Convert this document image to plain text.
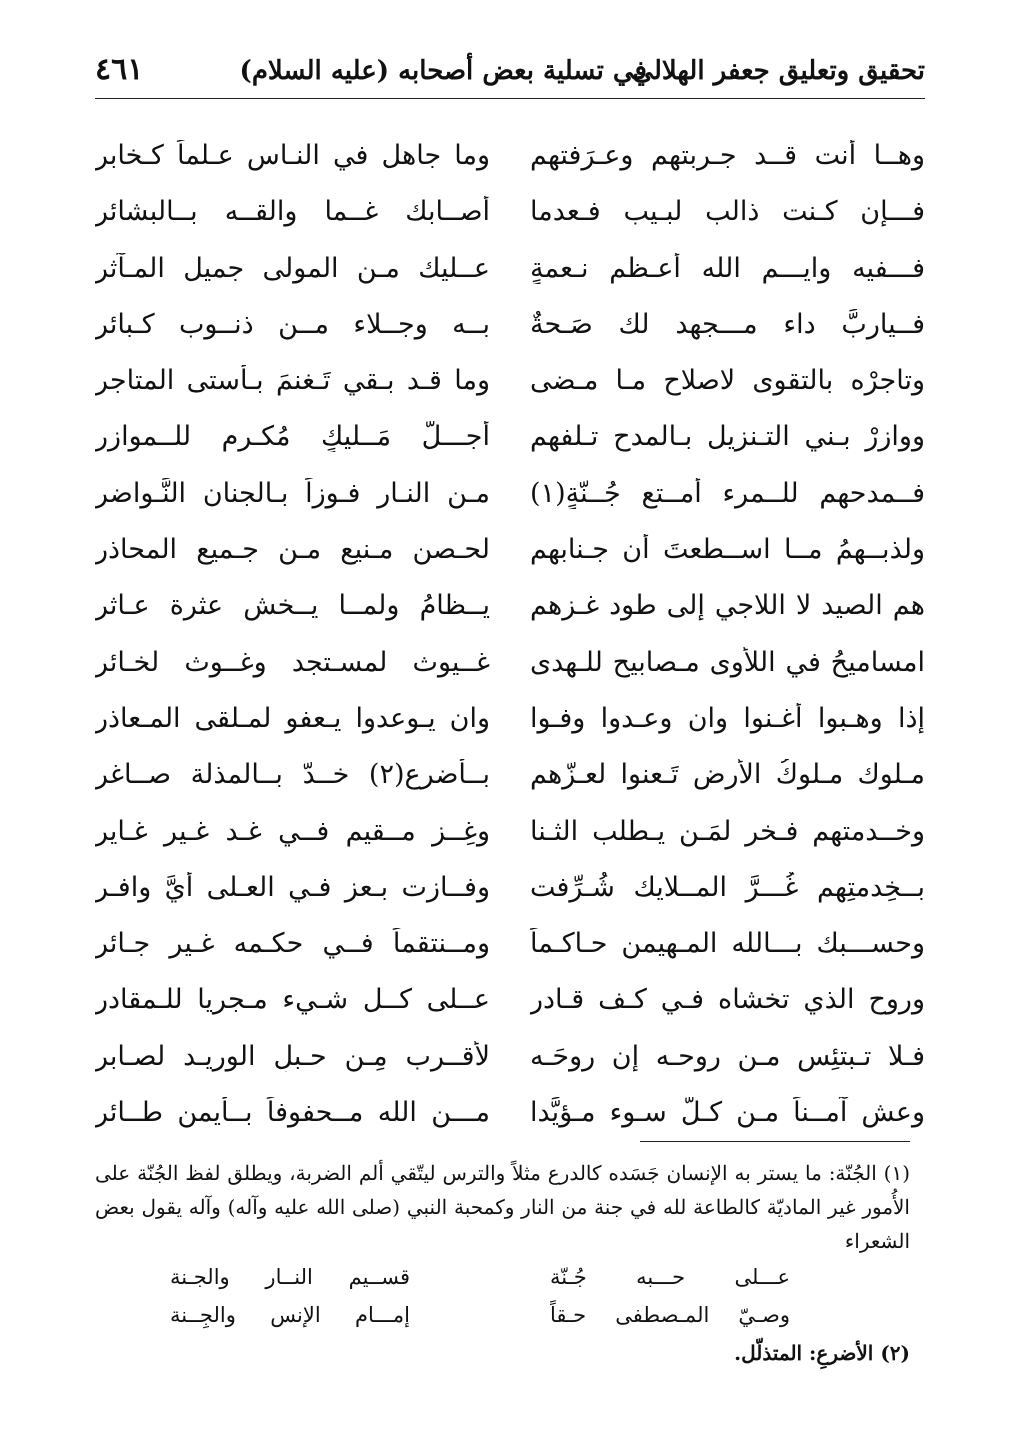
تحقيق وتعليق جعفر الهلالي
في تسلية بعض أصحابه (عليه السلام)
٤٦١
وهــا أنت قــد جـربتهم وعـرَفتهم
وما جاهل في النـاس عـلماً كـخابرِ
فـــإن كـنت ذالب لبـيب فـعدما
أصــابك غــما والقــه بــالبشائرِ
فـــفيه وايـــم الله أعـظم نـعمةٍ
عــليك مـن المولى جميل المـآثرِ
فــياربَّ داء مـــجهد لك صَـحةٌ
بــه وجــلاء مــن ذنــوب كـبائرِ
وتاجرْه بالتقوى لاصلاح مـا مـضى
وما قـد بـقي تَـغنمَ بـأستى المتاجرِ
ووازرْ بـني التـنزيل بـالمدح تـلفهم
أجـــلَّ مَــليكٍ مُكـرمٍ للــموازرِ
فــمدحهم للــمرء أمــتع جُــنّةٍ(١)
مـن النـار فـوزاً بـالجنان النَّـواضرِ
ولذبــهمُ مــا اســطعتَ أن جـنابهم
لحـصن مـنيع مـن جـميع المحاذرِ
هم الصيد لا اللاجي إلى طود غـزهم
يــظامُ ولمــا يــخش عثرة عـاثرِ
امساميحُ في اللأوى مـصابيح للـهدى
غــيوث لمسـتجد وغــوث لخـائر
إذا وهـبوا أغـنوا وان وعـدوا وفـوا
وان يـوعدوا يـعفو لمـلقى المـعاذرِ
مـلوك مـلوكُ الأرض تَـعنوا لعـزّهم
بــأضرع(٢) خــدّ بــالمذلة صــاغرِ
وخــدمتهم فـخر لمَـن يـطلب الثـنا
وغِــز مــقيم فــي غـد غـير غـايرِ
بــخِدمتِهم غُـــرَّ المــلايك شُـرِّفت
وفــازت بـعز فـي العـلى أيَّ وافـرِ
وحســـبك بـــالله المـهيمن حـاكـماً
ومــنتقماً فــي حكـمه غـير جـائرِ
وروح الذي تخشاه فـي كـف قـادر
عــلى كــل شـيء مـجريا للـمقادرِ
فـلا تـبتئِس مـن روحـه إن روحَـه
لأقــرب مِـنٍ حـبلِ الوريـد لصـابرِ
وعش آمــناً مـن كـلّ سـوء مـؤيَّدا
مـــن الله مــحفوفاً بــأيمن طــائرِ
(١) الجُنّة: ما يستر به الإنسان جَسَده كالدرع مثلاً والترس ليتّقي ألم الضربة، ويطلق لفظ الجُنّة على الأُمور غير الماديّة كالطاعة لله في جنة من النار وكمحبة النبي (صلى الله عليه وآله) وآله يقول بعض الشعراء
عـــلى حـــبه جُـنّة
قســيم النــار والجـنة
وصـيّ المـصطفى حـقاً
إمـــام الإنس والجِــنة
(٢) الأضرعِ: المتذلّل.
